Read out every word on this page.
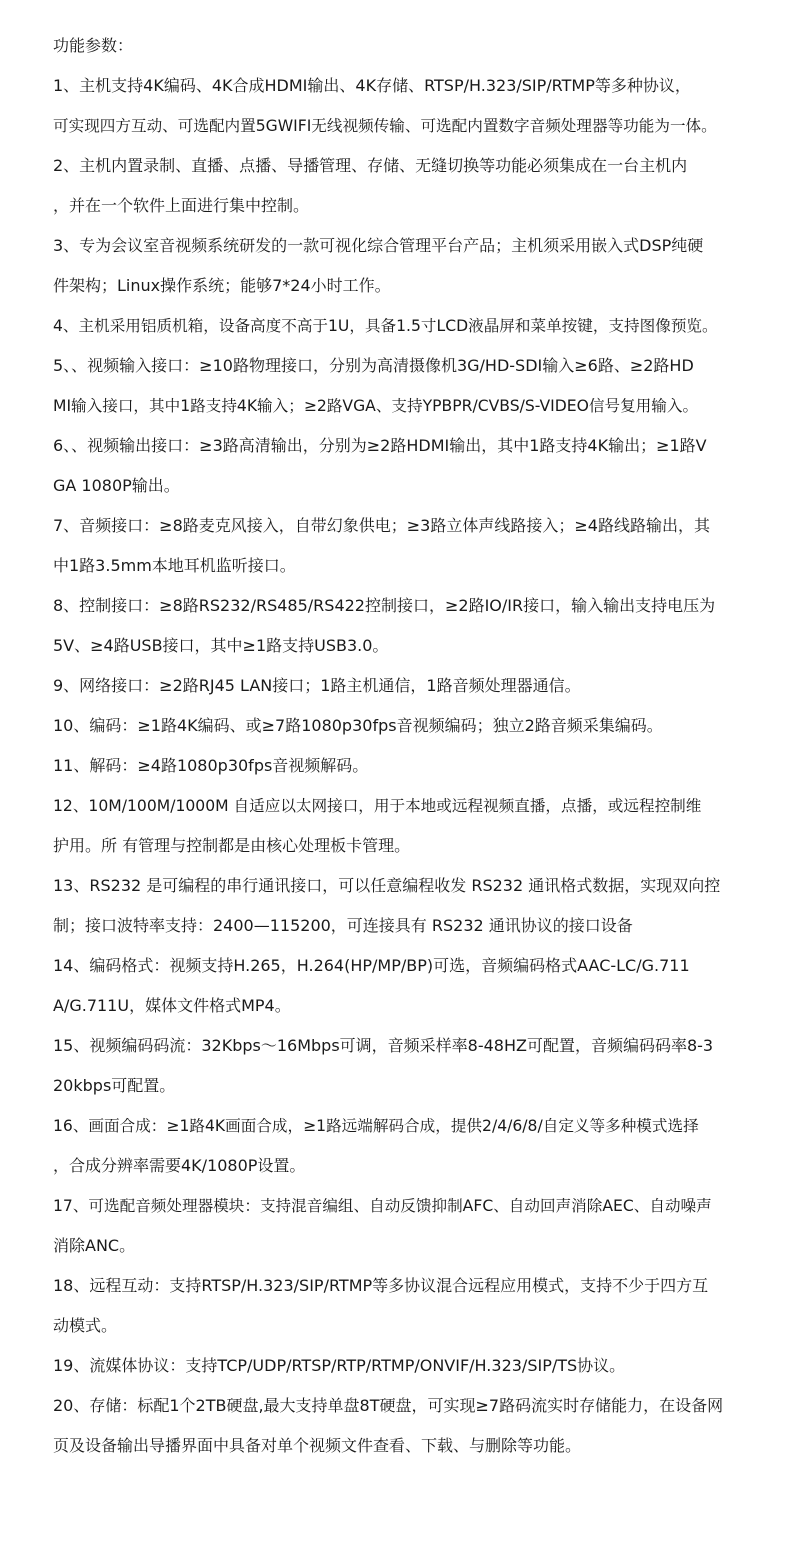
功能参数：
1、主机支持4K编码、4K合成HDMI输出、4K存储、RTSP/H.323/SIP/RTMP等多种协议，
可实现四方互动、可选配内置5GWIFI无线视频传输、可选配内置数字音频处理器等功能为一体。
2、主机内置录制、直播、点播、导播管理、存储、无缝切换等功能必须集成在一台主机内
，并在一个软件上面进行集中控制。
3、专为会议室音视频系统研发的一款可视化综合管理平台产品；主机须采用嵌入式DSP纯硬
件架构；Linux操作系统；能够7*24小时工作。
4、主机采用铝质机箱，设备高度不高于1U，具备1.5寸LCD液晶屏和菜单按键，支持图像预览。
5、、视频输入接口：≥10路物理接口，分别为高清摄像机3G/HD-SDI输入≥6路、≥2路HD
MI输入接口，其中1路支持4K输入；≥2路VGA、支持YPBPR/CVBS/S-VIDEO信号复用输入。
6、、视频输出接口：≥3路高清输出，分别为≥2路HDMI输出，其中1路支持4K输出；≥1路V
GA 1080P输出。
7、音频接口：≥8路麦克风接入，自带幻象供电；≥3路立体声线路接入；≥4路线路输出，其
中1路3.5mm本地耳机监听接口。
8、控制接口：≥8路RS232/RS485/RS422控制接口，≥2路IO/IR接口，输入输出支持电压为
5V、≥4路USB接口，其中≥1路支持USB3.0。
9、网络接口：≥2路RJ45 LAN接口；1路主机通信，1路音频处理器通信。
10、编码：≥1路4K编码、或≥7路1080p30fps音视频编码；独立2路音频采集编码。
11、解码：≥4路1080p30fps音视频解码。
12、10M/100M/1000M 自适应以太网接口，用于本地或远程视频直播，点播，或远程控制维
护用。所 有管理与控制都是由核心处理板卡管理。
13、RS232 是可编程的串行通讯接口，可以任意编程收发 RS232 通讯格式数据，实现双向控
制；接口波特率支持：2400—115200，可连接具有 RS232 通讯协议的接口设备
14、编码格式：视频支持H.265，H.264(HP/MP/BP)可选，音频编码格式AAC-LC/G.711
A/G.711U，媒体文件格式MP4。
15、视频编码码流：32Kbps～16Mbps可调，音频采样率8-48HZ可配置，音频编码码率8-3
20kbps可配置。
16、画面合成：≥1路4K画面合成，≥1路远端解码合成，提供2/4/6/8/自定义等多种模式选择
，合成分辨率需要4K/1080P设置。
17、可选配音频处理器模块：支持混音编组、自动反馈抑制AFC、自动回声消除AEC、自动噪声
消除ANC。
18、远程互动：支持RTSP/H.323/SIP/RTMP等多协议混合远程应用模式，支持不少于四方互
动模式。
19、流媒体协议：支持TCP/UDP/RTSP/RTP/RTMP/ONVIF/H.323/SIP/TS协议。
20、存储：标配1个2TB硬盘,最大支持单盘8T硬盘，可实现≥7路码流实时存储能力，在设备网
页及设备输出导播界面中具备对单个视频文件查看、下载、与删除等功能。
